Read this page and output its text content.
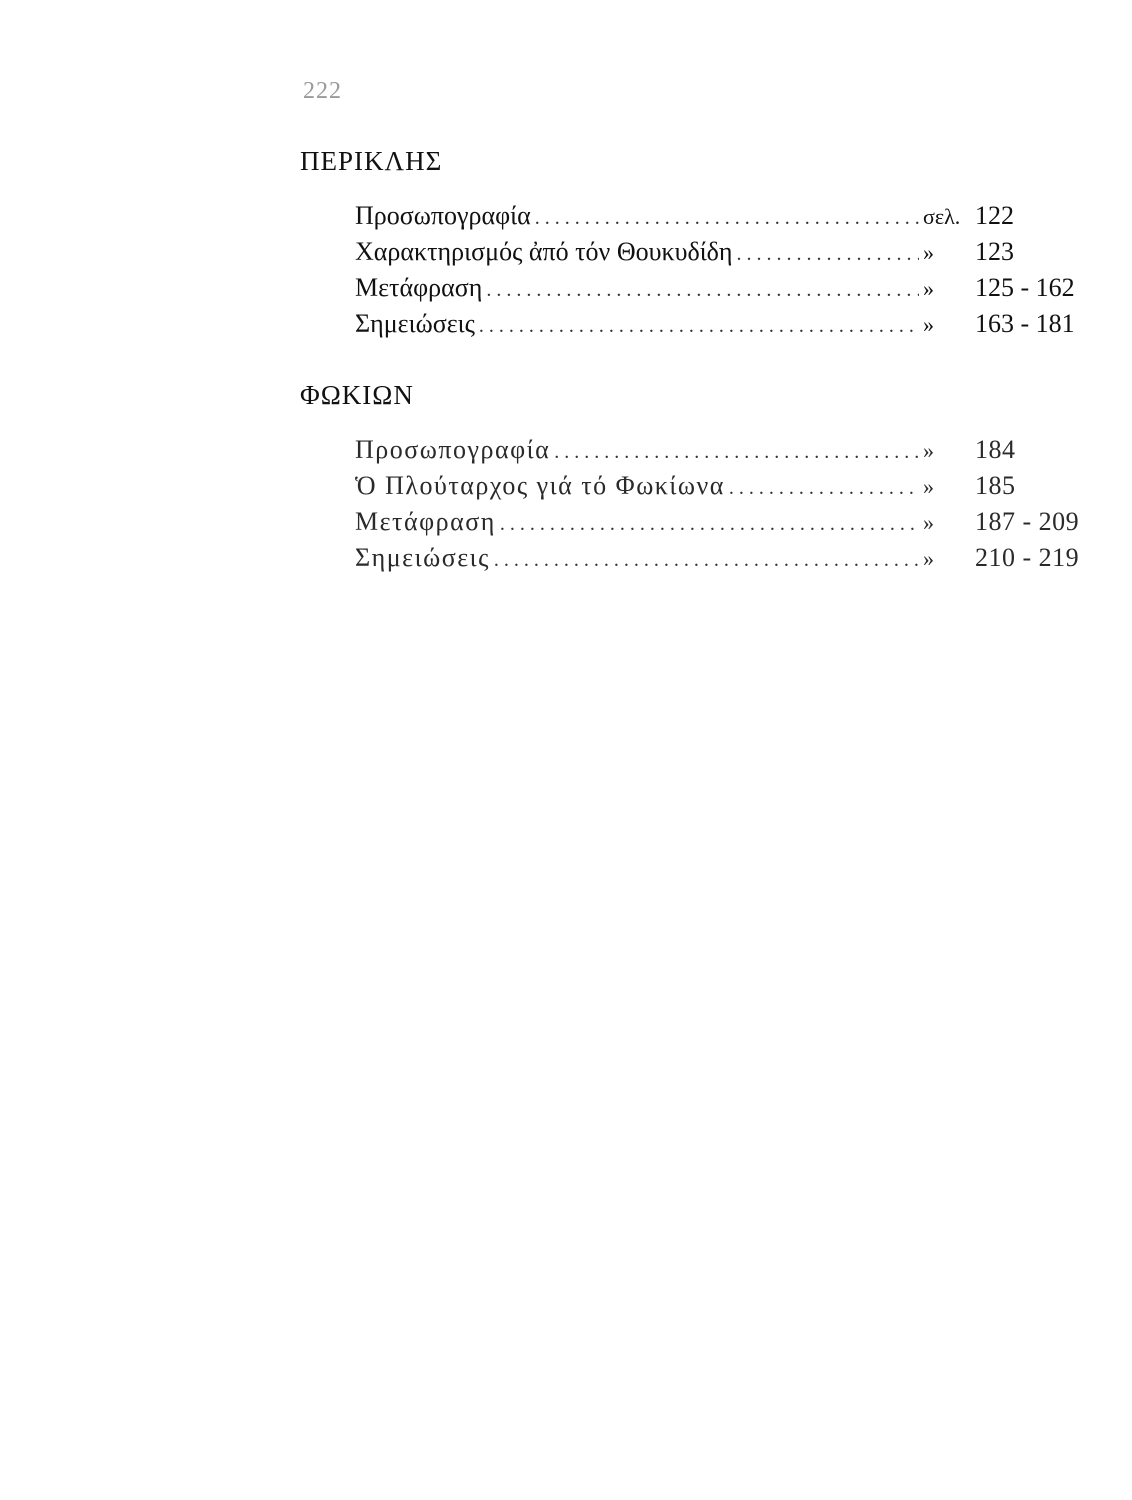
222
ΠΕΡΙΚΛΗΣ
Προσωπογραφία . . .	σελ. 122
Χαρακτηρισμός ἀπό τόν Θουκυδίδη . . .	»	123
Μετάφραση . . .	»	125 - 162
Σημειώσεις . . .	»	163 - 181
ΦΩΚΙΩΝ
Προσωπογραφία . . .	»	184
Ὁ Πλούταρχος γιά τό Φωκίωνα . . .	»	185
Μετάφραση . . .	»	187 - 209
Σημειώσεις . . .	»	210 - 219
